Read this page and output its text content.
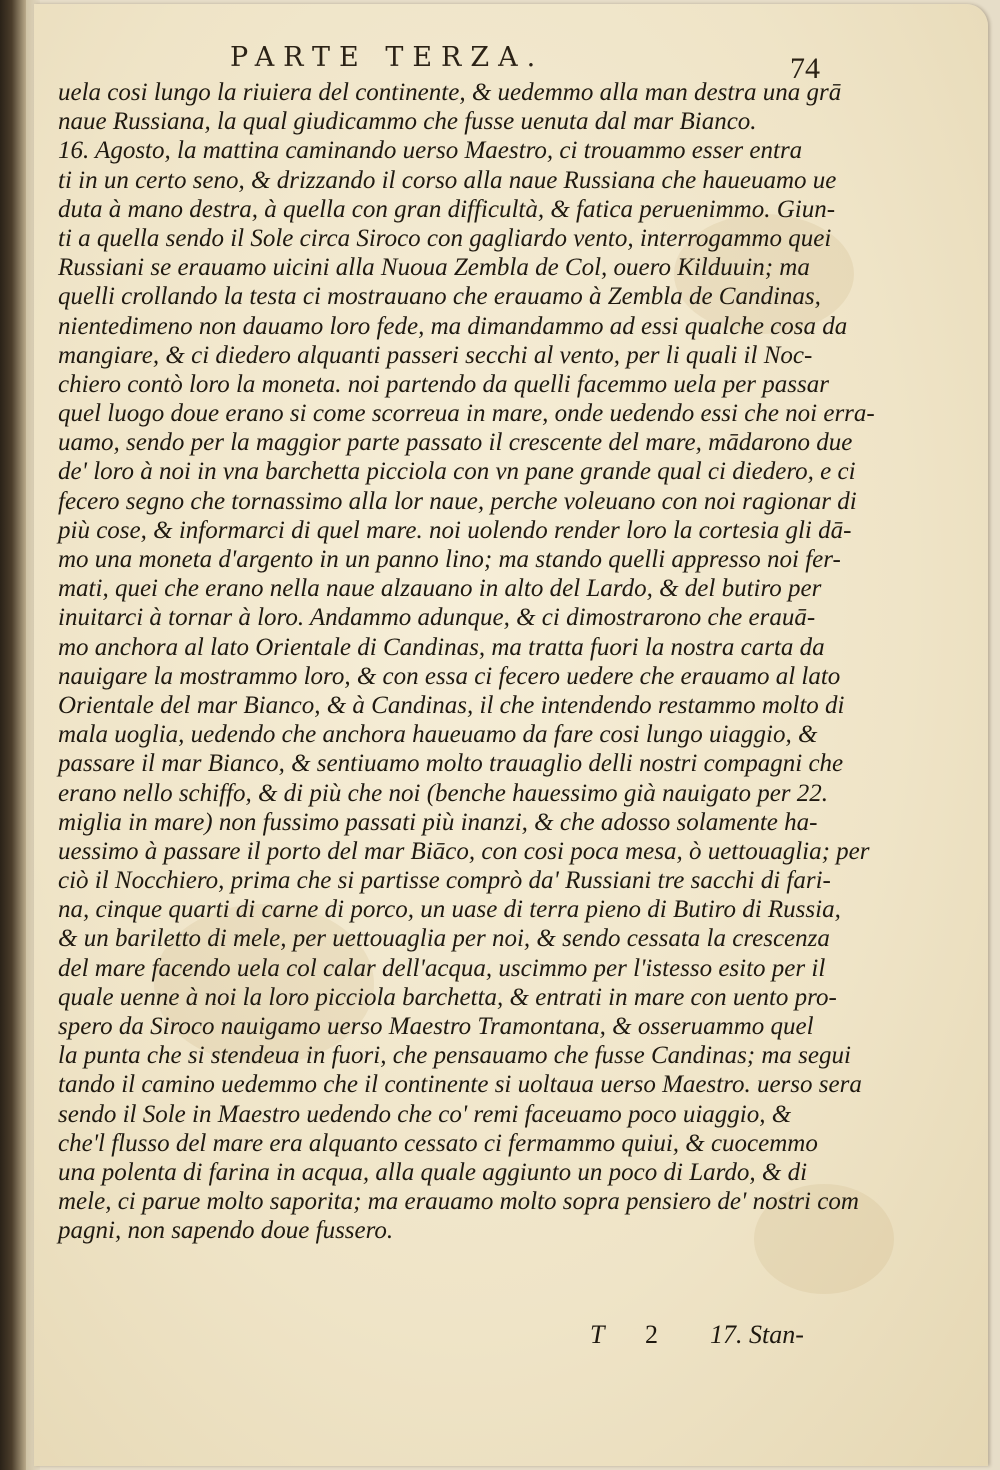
PARTE TERZA.	74
uela cosi lungo la riuiera del continente, & uedemmo alla man destra una grā
naue Russiana, la qual giudicammo che fusse uenuta dal mar Bianco.
16. Agosto, la mattina caminando uerso Maestro, ci trouammo esser entra
ti in un certo seno, & drizzando il corso alla naue Russiana che haueuamo ue
duta à mano destra, à quella con gran difficultà, & fatica peruenimmo. Giun-
ti a quella sendo il Sole circa Siroco con gagliardo vento, interrogammo quei
Russiani se erauamo uicini alla Nuoua Zembla de Col, ouero Kilduuin; ma
quelli crollando la testa ci mostrauano che erauamo à Zembla de Candinas,
nientedimeno non dauamo loro fede, ma dimandammo ad essi qualche cosa da
mangiare, & ci diedero alquanti passeri secchi al vento, per li quali il Noc-
chiero contò loro la moneta. noi partendo da quelli facemmo uela per passar
quel luogo doue erano si come scorreua in mare, onde uedendo essi che noi erra-
uamo, sendo per la maggior parte passato il crescente del mare, mādarono due
de' loro à noi in vna barchetta picciola con vn pane grande qual ci diedero, e ci
fecero segno che tornassimo alla lor naue, perche voleuano con noi ragionar di
più cose, & informarci di quel mare. noi uolendo render loro la cortesia gli dā-
mo una moneta d'argento in un panno lino; ma stando quelli appresso noi fer-
mati, quei che erano nella naue alzauano in alto del Lardo, & del butiro per
inuitarci à tornar à loro. Andammo adunque, & ci dimostrarono che erauā-
mo anchora al lato Orientale di Candinas, ma tratta fuori la nostra carta da
nauigare la mostrammo loro, & con essa ci fecero uedere che erauamo al lato
Orientale del mar Bianco, & à Candinas, il che intendendo restammo molto di
mala uoglia, uedendo che anchora haueuamo da fare cosi lungo uiaggio, &
passare il mar Bianco, & sentiuamo molto trauaglio delli nostri compagni che
erano nello schiffo, & di più che noi (benche hauessimo già nauigato per 22.
miglia in mare) non fussimo passati più inanzi, & che adosso solamente ha-
uessimo à passare il porto del mar Biāco, con cosi poca mesa, ò uettouaglia; per
ciò il Nocchiero, prima che si partisse comprò da' Russiani tre sacchi di fari-
na, cinque quarti di carne di porco, un uase di terra pieno di Butiro di Russia,
& un bariletto di mele, per uettouaglia per noi, & sendo cessata la crescenza
del mare facendo uela col calar dell'acqua, uscimmo per l'istesso esito per il
quale uenne à noi la loro picciola barchetta, & entrati in mare con uento pro-
spero da Siroco nauigamo uerso Maestro Tramontana, & osseruammo quel
la punta che si stendeua in fuori, che pensauamo che fusse Candinas; ma segui
tando il camino uedemmo che il continente si uoltaua uerso Maestro. uerso sera
sendo il Sole in Maestro uedendo che co' remi faceuamo poco uiaggio, &
che'l flusso del mare era alquanto cessato ci fermammo quiui, & cuocemmo
una polenta di farina in acqua, alla quale aggiunto un poco di Lardo, & di
mele, ci parue molto saporita; ma erauamo molto sopra pensiero de' nostri com
pagni, non sapendo doue fussero.
T 2 17. Stan-
